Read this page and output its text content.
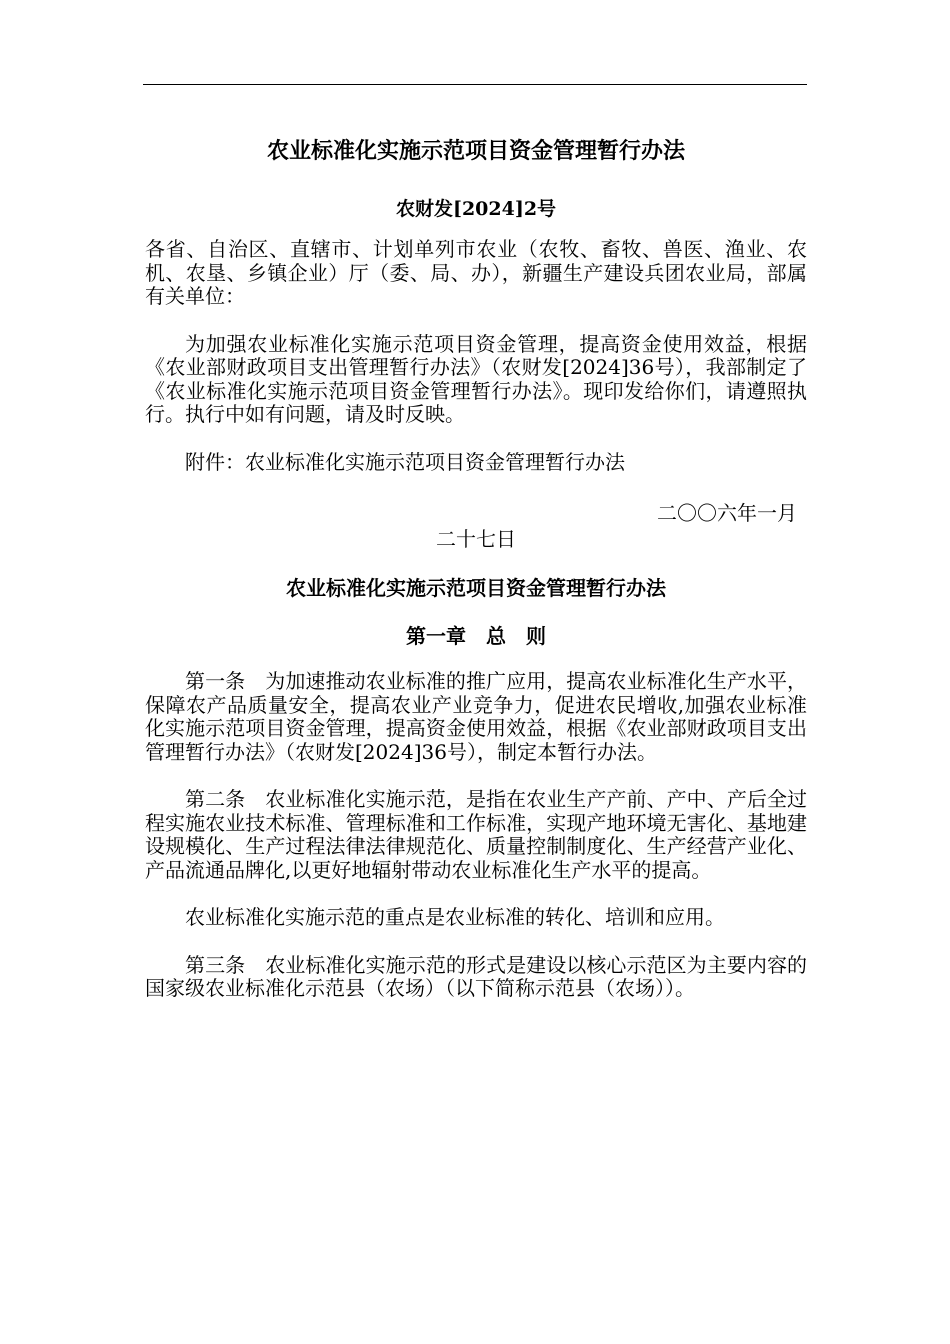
农业标准化实施示范项目资金管理暂行办法
农财发[2024]2号

各省、自治区、直辖市、计划单列市农业（农牧、畜牧、兽医、渔业、农机、农垦、乡镇企业）厅（委、局、办），新疆生产建设兵团农业局，部属有关单位：

为加强农业标准化实施示范项目资金管理，提高资金使用效益，根据《农业部财政项目支出管理暂行办法》（农财发[2024]36号），我部制定了《农业标准化实施示范项目资金管理暂行办法》。现印发给你们，请遵照执行。执行中如有问题，请及时反映。

附件：农业标准化实施示范项目资金管理暂行办法

二〇〇六年一月
二十七日
农业标准化实施示范项目资金管理暂行办法
第一章　总　则

第一条　为加速推动农业标准的推广应用，提高农业标准化生产水平，保障农产品质量安全，提高农业产业竞争力，促进农民增收,加强农业标准化实施示范项目资金管理，提高资金使用效益，根据《农业部财政项目支出管理暂行办法》（农财发[2024]36号），制定本暂行办法。

第二条　农业标准化实施示范，是指在农业生产产前、产中、产后全过程实施农业技术标准、管理标准和工作标准，实现产地环境无害化、基地建设规模化、生产过程法律法律规范化、质量控制制度化、生产经营产业化、产品流通品牌化,以更好地辐射带动农业标准化生产水平的提高。

农业标准化实施示范的重点是农业标准的转化、培训和应用。

第三条　农业标准化实施示范的形式是建设以核心示范区为主要内容的国家级农业标准化示范县（农场）（以下简称示范县（农场））。
